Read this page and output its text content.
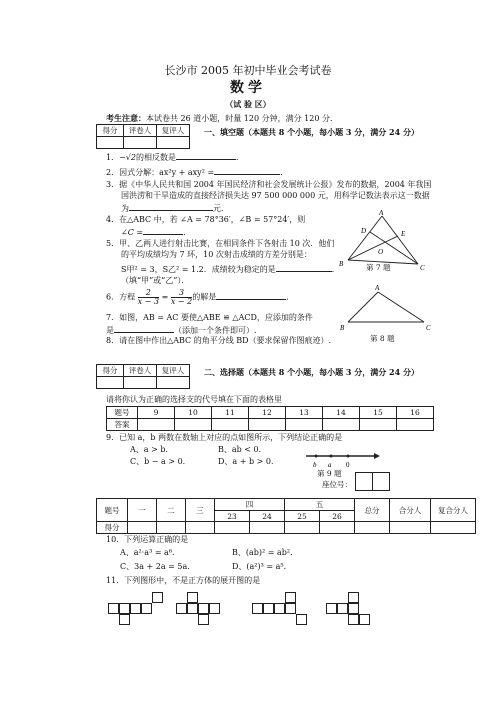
长沙市 2005 年初中毕业会考试卷
数学
（试 验 区）
考生注意：本试卷共 26 道小题，时量 120 分钟，满分 120 分.
得分	评卷人	复评人
		一、填空题（本题共 8 个小题，每小题 3 分，满分 24 分）
1．−√2的相反数是	．
2．因式分解：ax²y + axy² =	．
3．据《中华人民共和国 2004 年国民经济和社会发展统计公报》发布的数据，2004 年我国
国洪涝和干旱造成的直接经济损失达 97 500 000 000 元，用科学记数法表示这一数据
为	元．
4．在△ABC 中，若 ∠A = 78°36′，∠B = 57°24′，则
∠C =	．
5．甲、乙两人进行射击比赛，在相同条件下各射击 10 次．他们
的平均成绩均为 7 环，10 次射击成绩的方差分别是：
S甲² = 3，S乙² = 1.2．成绩较为稳定的是	．
（填“甲”或“乙”）．
6．方程 $\frac{2}{x - 3} = \frac{3}{x - 2}$ 的解是	．
7．如图，AB = AC 要使△ABE ≌ △ACD，应添加的条件
是	（添加一个条件即可）.
8．请在图中作出△ABC 的角平分线 BD（要求保留作图痕迹）.
A
D	E
O
B	C
第 7 题
A
B	C
第 8 题
得分	评卷人	复评人
		二、选择题（本题共 8 个小题，每小题 3 分，满分 24 分）
请将你认为正确的选择支的代号填在下面的表格里
题号	9	10	11	12	13	14	15	16
答案								
9．已知 a，b 两数在数轴上对应的点如图所示，下列结论正确的是
A、a > b．	B、ab < 0．
C、b − a > 0．	D、a + b > 0．	b a 0
第 9 题
座位号：
题号	一	二	三	四		五		总分	合分人	复合分人
				23	24	25	26			
得分										
10．下列运算正确的是
A、a²·a³ = a⁶．	B、(ab)² = ab²．
C、3a + 2a = 5a．	D、(a²)³ = a⁵．
11．下列图形中，不是正方体的展开图的是
